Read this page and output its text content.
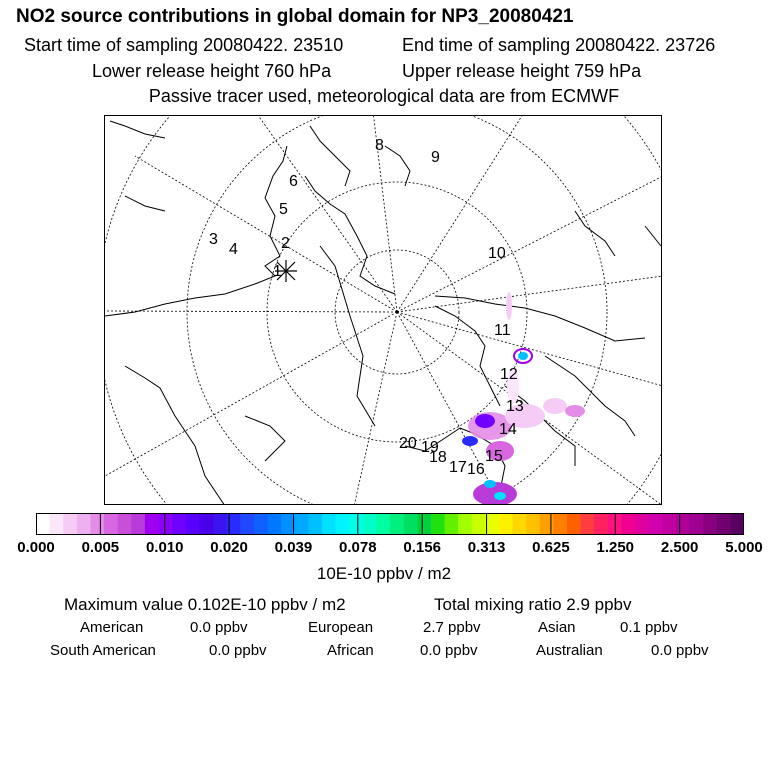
NO2 source contributions in global domain for NP3_20080421
Start time of sampling 20080422. 23510	End time of sampling 20080422. 23726
Lower release height 760 hPa	Upper release height 759 hPa
Passive tracer used, meteorological data are from ECMWF
1
2
3
4
5
6
8
9
10
11
12
13
14
15
16
17
18
19
20
0.000 0.005 0.010 0.020 0.039 0.078 0.156 0.313 0.625 1.250 2.500 5.000
10E-10 ppbv / m2
Maximum value 0.102E-10 ppbv / m2	Total mixing ratio 2.9 ppbv
American	0.0 ppbv	European	2.7 ppbv	Asian	0.1 ppbv
South American	0.0 ppbv	African	0.0 ppbv	Australian	0.0 ppbv
